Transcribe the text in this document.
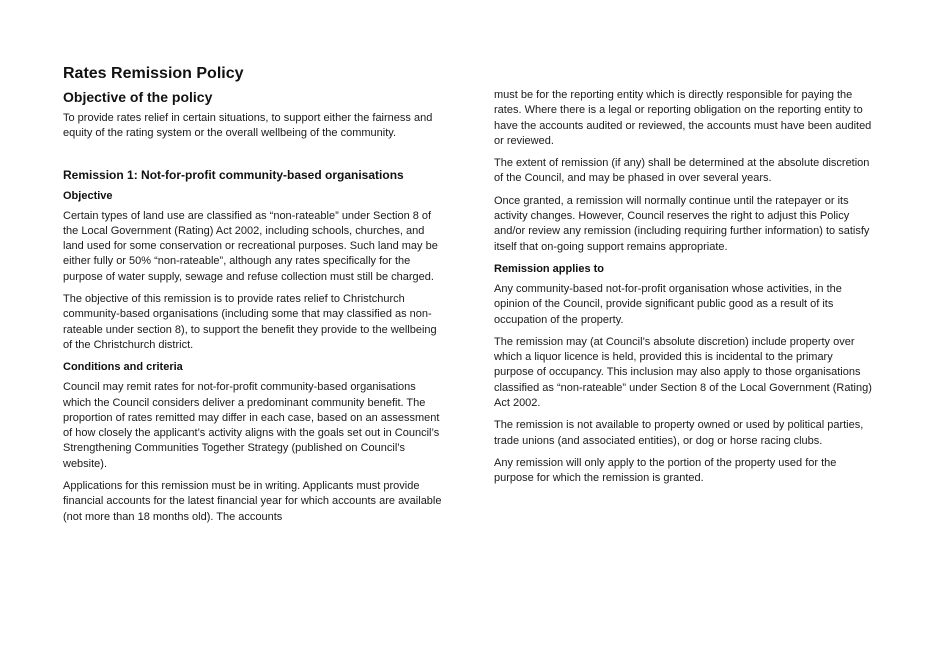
Rates Remission Policy
Objective of the policy

To provide rates relief in certain situations, to support either the fairness and equity of the rating system or the overall wellbeing of the community.

Remission 1: Not-for-profit community-based organisations
Objective

Certain types of land use are classified as “non-rateable” under Section 8 of the Local Government (Rating) Act 2002, including schools, churches, and land used for some conservation or recreational purposes. Such land may be either fully or 50% “non-rateable”, although any rates specifically for the purpose of water supply, sewage and refuse collection must still be charged.

The objective of this remission is to provide rates relief to Christchurch community-based organisations (including some that may classified as non-rateable under section 8), to support the benefit they provide to the wellbeing of the Christchurch district.

Conditions and criteria

Council may remit rates for not-for-profit community-based organisations which the Council considers deliver a predominant community benefit. The proportion of rates remitted may differ in each case, based on an assessment of how closely the applicant’s activity aligns with the goals set out in Council’s Strengthening Communities Together Strategy (published on Council’s website).

Applications for this remission must be in writing. Applicants must provide financial accounts for the latest financial year for which accounts are available (not more than 18 months old). The accounts

must be for the reporting entity which is directly responsible for paying the rates. Where there is a legal or reporting obligation on the reporting entity to have the accounts audited or reviewed, the accounts must have been audited or reviewed.

The extent of remission (if any) shall be determined at the absolute discretion of the Council, and may be phased in over several years.

Once granted, a remission will normally continue until the ratepayer or its activity changes. However, Council reserves the right to adjust this Policy and/or review any remission (including requiring further information) to satisfy itself that on-going support remains appropriate.

Remission applies to

Any community-based not-for-profit organisation whose activities, in the opinion of the Council, provide significant public good as a result of its occupation of the property.

The remission may (at Council’s absolute discretion) include property over which a liquor licence is held, provided this is incidental to the primary purpose of occupancy. This inclusion may also apply to those organisations classified as “non-rateable” under Section 8 of the Local Government (Rating) Act 2002.

The remission is not available to property owned or used by political parties, trade unions (and associated entities), or dog or horse racing clubs.

Any remission will only apply to the portion of the property used for the purpose for which the remission is granted.
